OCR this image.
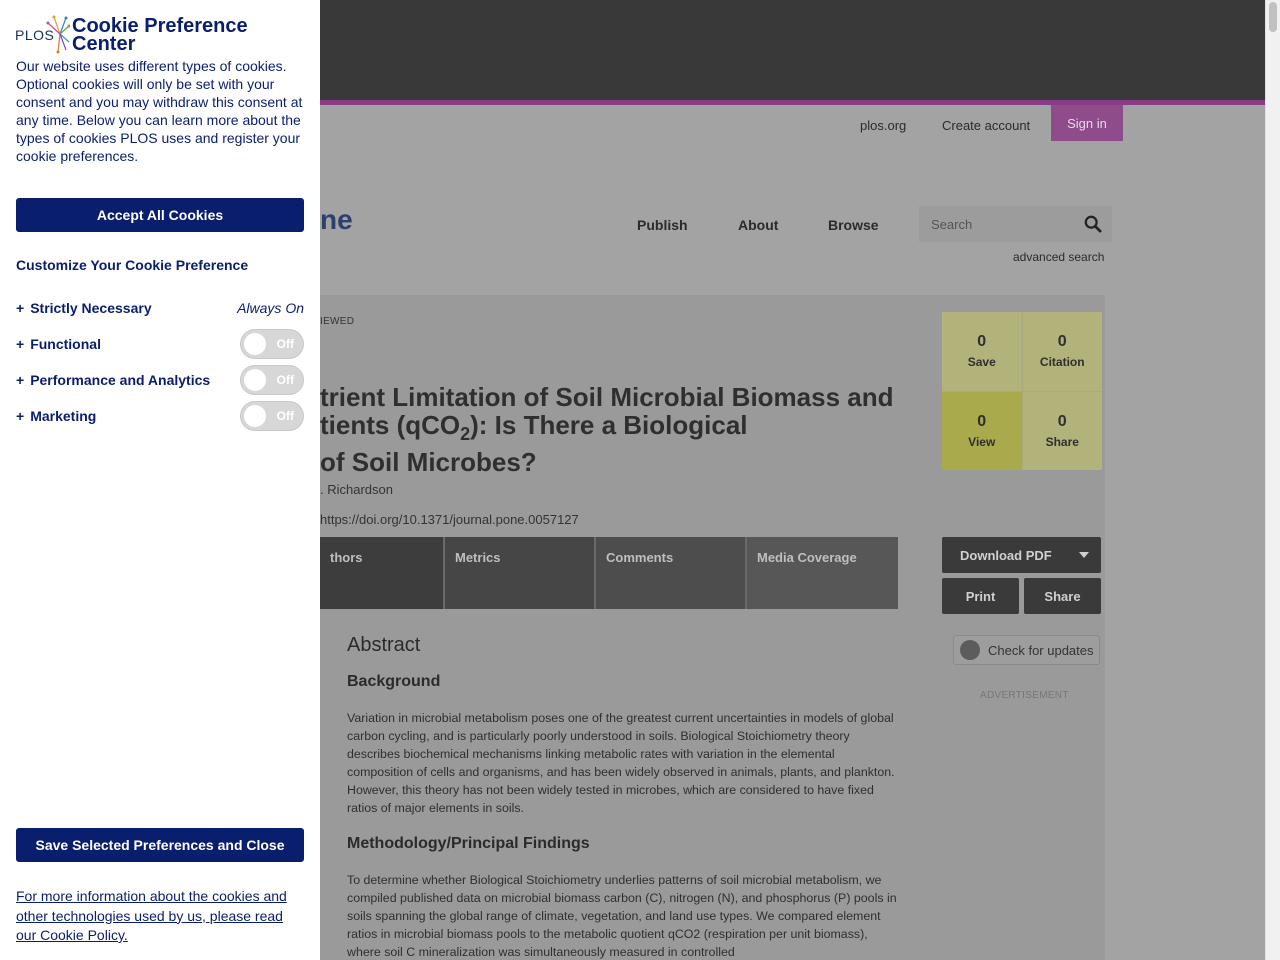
plos.org	Create account	Sign in
ne	Publish	About	Browse	Search
advanced search
IEWED
trient Limitation of Soil Microbial Biomass and
tients (qCO$_2$): Is There a Biological
of Soil Microbes?
. Richardson
https://doi.org/10.1371/journal.pone.0057127
thors	Metrics	Comments	Media Coverage
Abstract
Background
Variation in microbial metabolism poses one of the greatest current uncertainties in models of global carbon cycling, and is particularly poorly understood in soils. Biological Stoichiometry theory describes biochemical mechanisms linking metabolic rates with variation in the elemental composition of cells and organisms, and has been widely observed in animals, plants, and plankton. However, this theory has not been widely tested in microbes, which are considered to have fixed ratios of major elements in soils.
Methodology/Principal Findings
To determine whether Biological Stoichiometry underlies patterns of soil microbial metabolism, we compiled published data on microbial biomass carbon (C), nitrogen (N), and phosphorus (P) pools in soils spanning the global range of climate, vegetation, and land use types. We compared element ratios in microbial biomass pools to the metabolic quotient qCO2 (respiration per unit biomass), where soil C mineralization was simultaneously measured in controlled
0
Save
0
Citation
0
View
0
Share
Download PDF
Print	Share
Check for updates
ADVERTISEMENT
PLOS Cookie Preference
Center
Our website uses different types of cookies. Optional cookies will only be set with your consent and you may withdraw this consent at any time. Below you can learn more about the types of cookies PLOS uses and register your cookie preferences.
Accept All Cookies
Customize Your Cookie Preference
+ Strictly Necessary	Always On
+ Functional	Off
+ Performance and Analytics	Off
+ Marketing	Off
Save Selected Preferences and Close
For more information about the cookies and other technologies used by us, please read our Cookie Policy.
